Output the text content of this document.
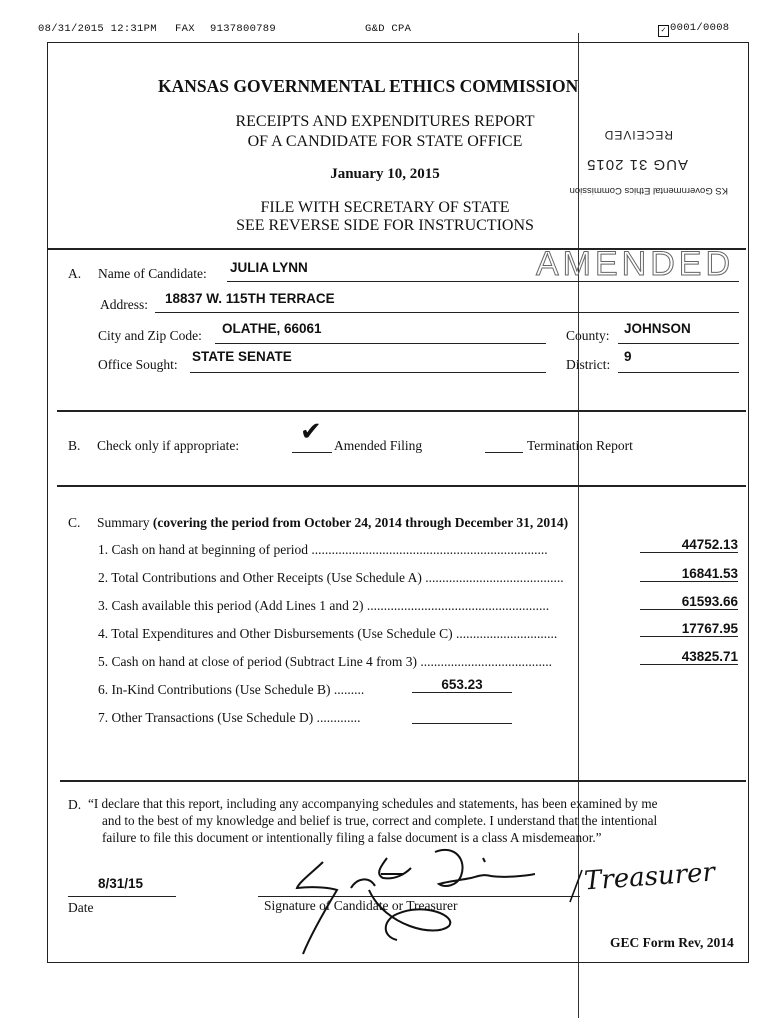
08/31/2015 12:31PM FAX 9137800789	G&D CPA	✓ 0001/0008
KANSAS GOVERNMENTAL ETHICS COMMISSION
RECEIPTS AND EXPENDITURES REPORT
OF A CANDIDATE FOR STATE OFFICE
January 10, 2015
FILE WITH SECRETARY OF STATE
SEE REVERSE SIDE FOR INSTRUCTIONS
KS Governmental Ethics Commission
AUG 31 2015
RECEIVED
AMENDED
A. Name of Candidate: JULIA LYNN
Address: 18837 W. 115TH TERRACE
City and Zip Code: OLATHE, 66061	County: JOHNSON
Office Sought:
STATE SENATE
District:
9
B. Check only if appropriate: ✔ Amended Filing	Termination Report
C. Summary (covering the period from October 24, 2014 through December 31, 2014)
1. Cash on hand at beginning of period ......................................................................	44752.13
2. Total Contributions and Other Receipts (Use Schedule A) .........................................	16841.53
3. Cash available this period (Add Lines 1 and 2) ......................................................	61593.66
4. Total Expenditures and Other Disbursements (Use Schedule C) ..............................	17767.95
5. Cash on hand at close of period (Subtract Line 4 from 3) .......................................	43825.71
6. In-Kind Contributions (Use Schedule B) .........	653.23
7. Other Transactions (Use Schedule D) .............
D. “I declare that this report, including any accompanying schedules and statements, has been examined by me
and to the best of my knowledge and belief is true, correct and complete. I understand that the intentional
failure to file this document or intentionally filing a false document is a class A misdemeanor.”
8/31/15
Date	Signature of Candidate or Treasurer
Treasurer
GEC Form Rev, 2014
